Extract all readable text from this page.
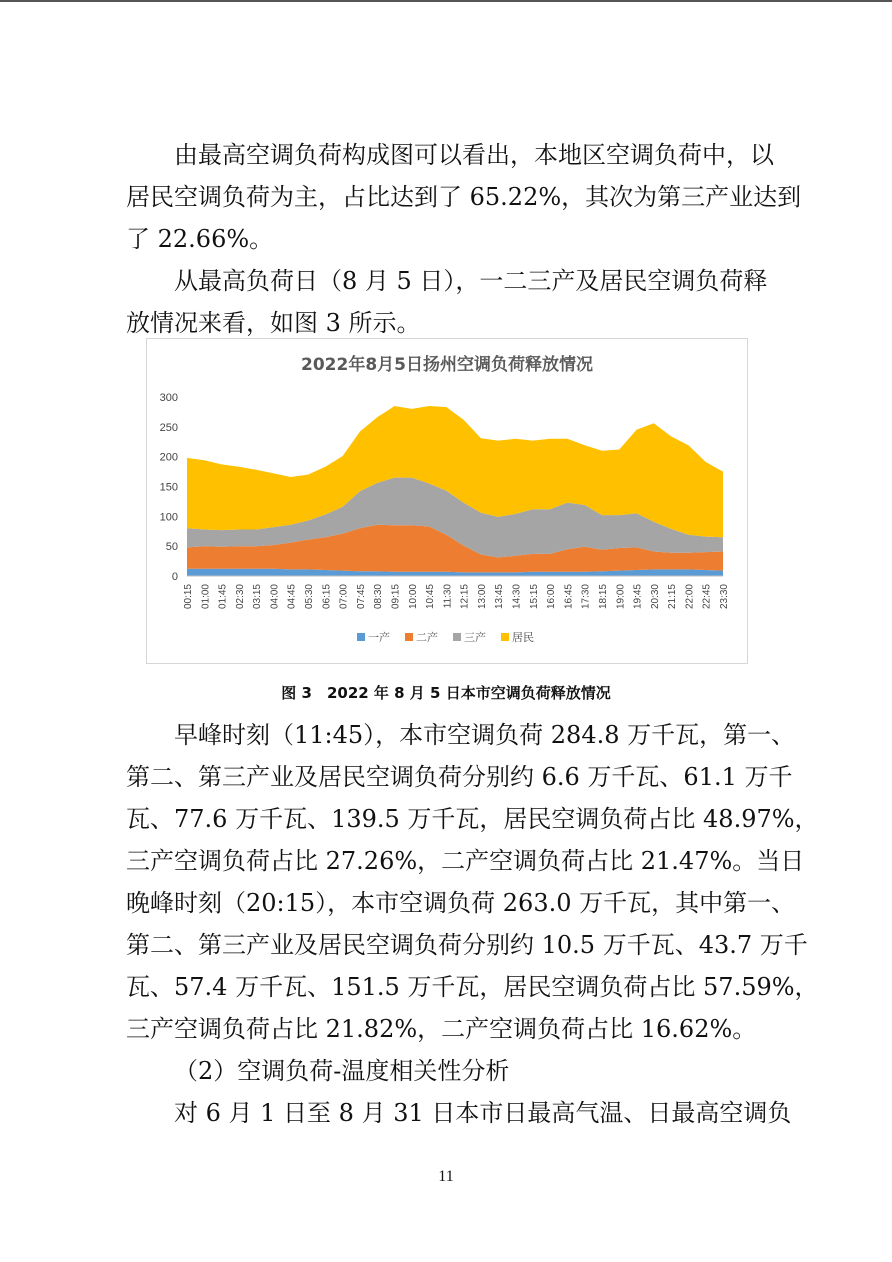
由最高空调负荷构成图可以看出，本地区空调负荷中，以
居民空调负荷为主，占比达到了 65.22%，其次为第三产业达到
了 22.66%。
从最高负荷日（8 月 5 日），一二三产及居民空调负荷释
放情况来看，如图 3 所示。
2022年8月5日扬州空调负荷释放情况
0
50
100
150
200
250
300
00:15 01:00 01:45 02:30 03:15 04:00 04:45 05:30 06:15 07:00 07:45 08:30 09:15 10:00 10:45 11:30 12:15 13:00 13:45 14:30 15:15 16:00 16:45 17:30 18:15 19:00 19:45 20:30 21:15 22:00 22:45 23:30
一产 二产 三产 居民
图 3　2022 年 8 月 5 日本市空调负荷释放情况
早峰时刻（11:45），本市空调负荷 284.8 万千瓦，第一、
第二、第三产业及居民空调负荷分别约 6.6 万千瓦、61.1 万千
瓦、77.6 万千瓦、139.5 万千瓦，居民空调负荷占比 48.97%，
三产空调负荷占比 27.26%，二产空调负荷占比 21.47%。当日
晚峰时刻（20:15），本市空调负荷 263.0 万千瓦，其中第一、
第二、第三产业及居民空调负荷分别约 10.5 万千瓦、43.7 万千
瓦、57.4 万千瓦、151.5 万千瓦，居民空调负荷占比 57.59%，
三产空调负荷占比 21.82%，二产空调负荷占比 16.62%。
（2）空调负荷-温度相关性分析
对 6 月 1 日至 8 月 31 日本市日最高气温、日最高空调负
11
